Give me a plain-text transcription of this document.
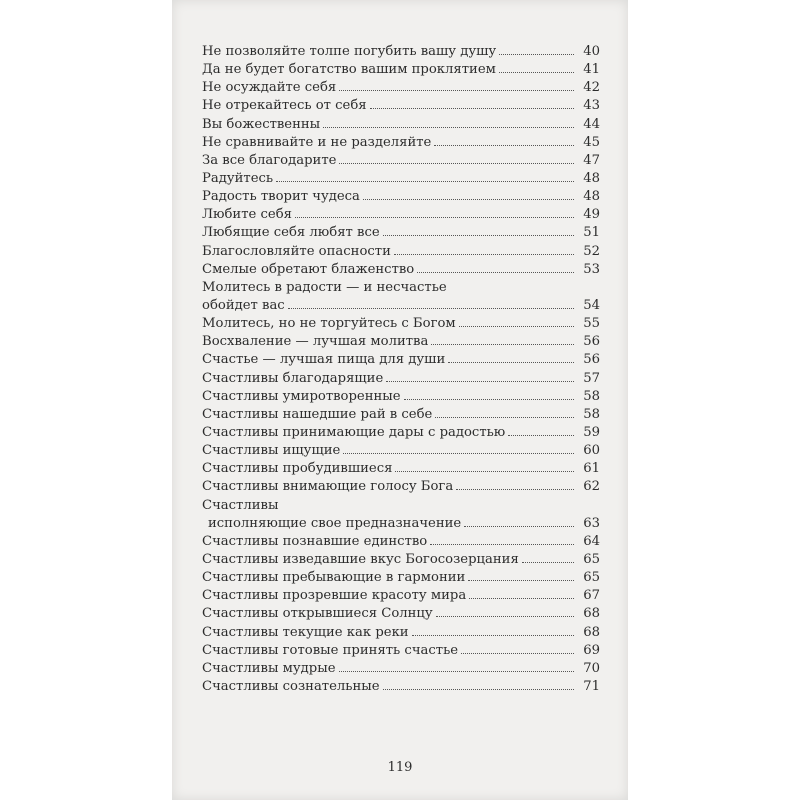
Не позволяйте толпе погубить вашу душу	40
Да не будет богатство вашим проклятием	41
Не осуждайте себя	42
Не отрекайтесь от себя	43
Вы божественны	44
Не сравнивайте и не разделяйте	45
За все благодарите	47
Радуйтесь	48
Радость творит чудеса	48
Любите себя	49
Любящие себя любят все	51
Благословляйте опасности	52
Смелые обретают блаженство	53
Молитесь в радости — и несчастье
обойдет вас	54
Молитесь, но не торгуйтесь с Богом	55
Восхваление — лучшая молитва	56
Счастье — лучшая пища для души	56
Счастливы благодарящие	57
Счастливы умиротворенные	58
Счастливы нашедшие рай в себе	58
Счастливы принимающие дары с радостью	59
Счастливы ищущие	60
Счастливы пробудившиеся	61
Счастливы внимающие голосу Бога	62
Счастливы
исполняющие свое предназначение	63
Счастливы познавшие единство	64
Счастливы изведавшие вкус Богосозерцания	65
Счастливы пребывающие в гармонии	65
Счастливы прозревшие красоту мира	67
Счастливы открывшиеся Солнцу	68
Счастливы текущие как реки	68
Счастливы готовые принять счастье	69
Счастливы мудрые	70
Счастливы сознательные	71
119
